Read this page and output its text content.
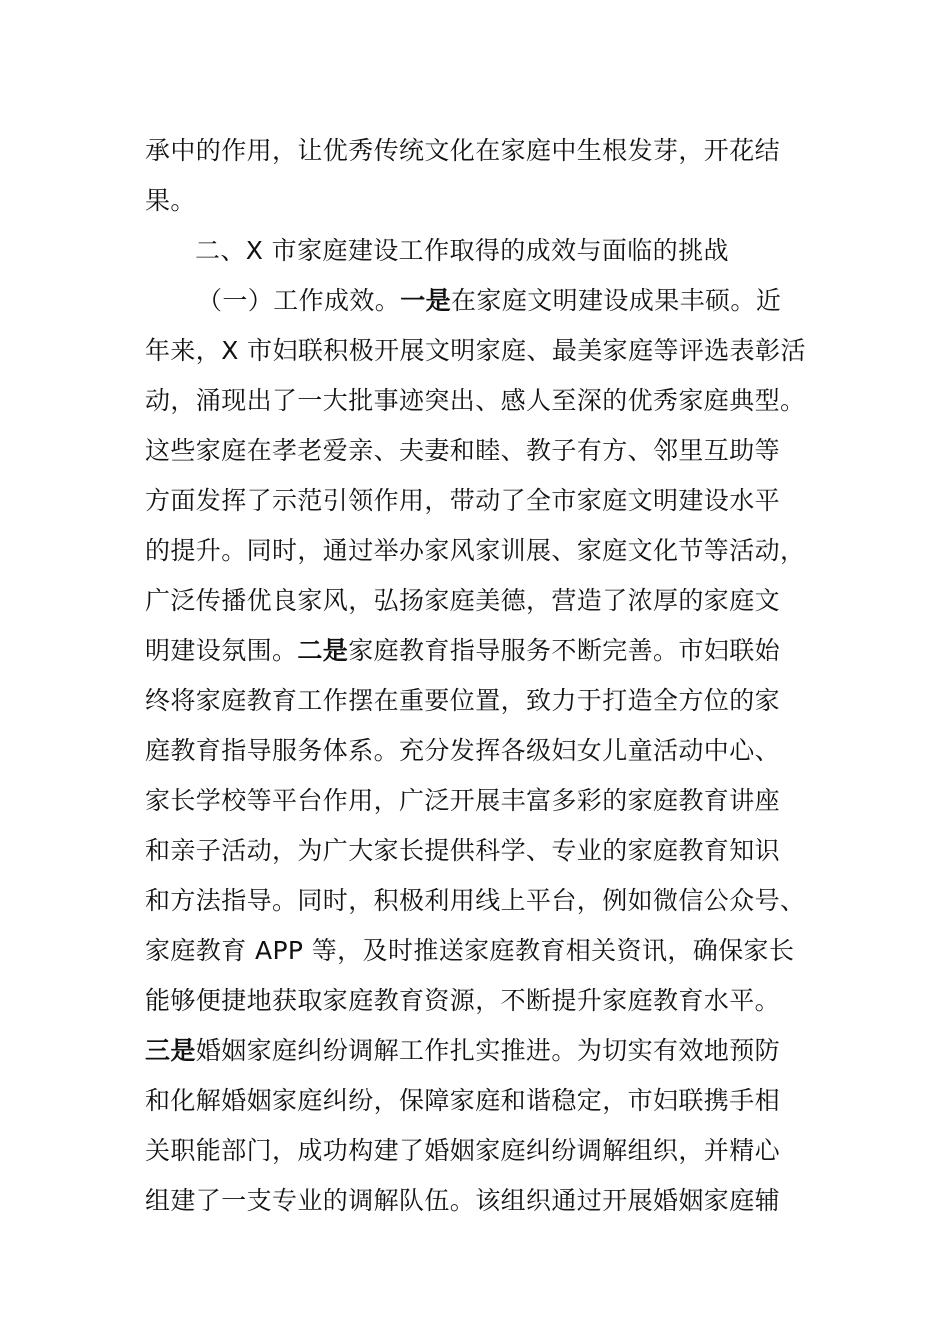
承中的作用，让优秀传统文化在家庭中生根发芽，开花结
果。
二、X 市家庭建设工作取得的成效与面临的挑战
（一）工作成效。一是在家庭文明建设成果丰硕。近
年来，X 市妇联积极开展文明家庭、最美家庭等评选表彰活
动，涌现出了一大批事迹突出、感人至深的优秀家庭典型。
这些家庭在孝老爱亲、夫妻和睦、教子有方、邻里互助等
方面发挥了示范引领作用，带动了全市家庭文明建设水平
的提升。同时，通过举办家风家训展、家庭文化节等活动，
广泛传播优良家风，弘扬家庭美德，营造了浓厚的家庭文
明建设氛围。二是家庭教育指导服务不断完善。市妇联始
终将家庭教育工作摆在重要位置，致力于打造全方位的家
庭教育指导服务体系。充分发挥各级妇女儿童活动中心、
家长学校等平台作用，广泛开展丰富多彩的家庭教育讲座
和亲子活动，为广大家长提供科学、专业的家庭教育知识
和方法指导。同时，积极利用线上平台，例如微信公众号、
家庭教育 APP 等，及时推送家庭教育相关资讯，确保家长
能够便捷地获取家庭教育资源，不断提升家庭教育水平。
三是婚姻家庭纠纷调解工作扎实推进。为切实有效地预防
和化解婚姻家庭纠纷，保障家庭和谐稳定，市妇联携手相
关职能部门，成功构建了婚姻家庭纠纷调解组织，并精心
组建了一支专业的调解队伍。该组织通过开展婚姻家庭辅
